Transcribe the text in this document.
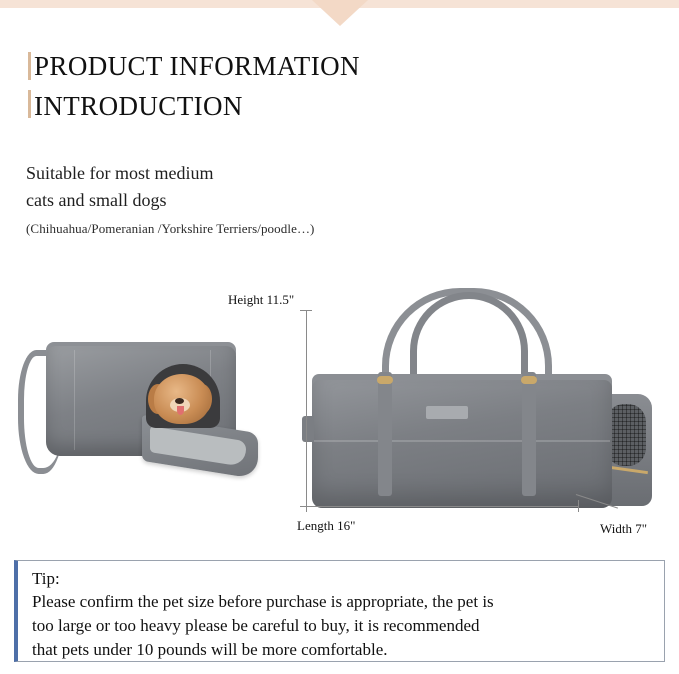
PRODUCT INFORMATION
INTRODUCTION
Suitable for most medium
cats and small dogs
(Chihuahua/Pomeranian /Yorkshire Terriers/poodle…)
Height 11.5"
Length 16"	Width 7"
Tip:
Please confirm the pet size before purchase is appropriate, the pet is
too large or too heavy please be careful to buy, it is recommended
that pets under 10 pounds will be more comfortable.
